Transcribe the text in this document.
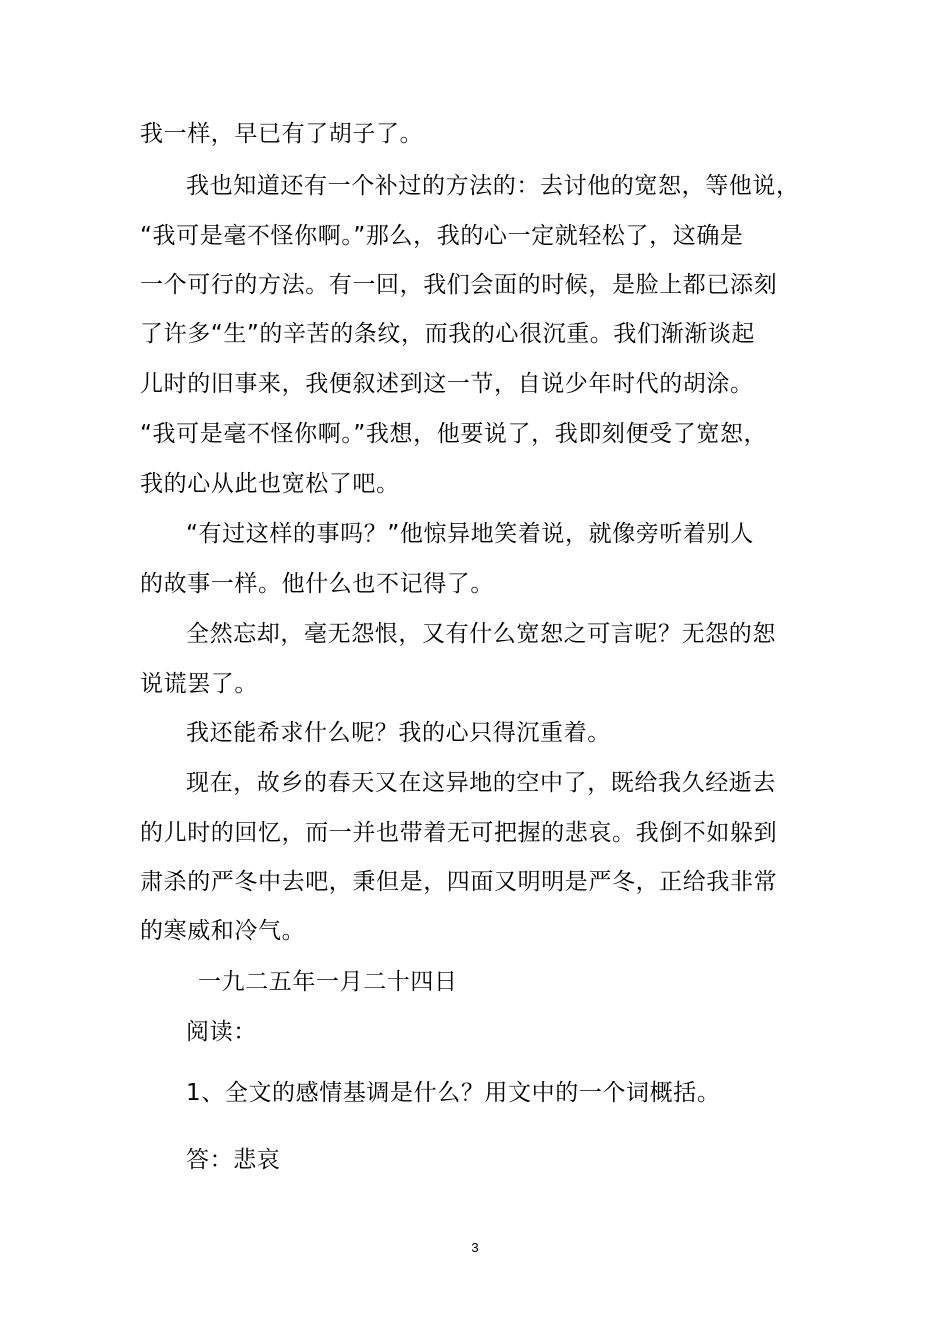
我一样，早已有了胡子了。
我也知道还有一个补过的方法的：去讨他的宽恕，等他说，
“我可是毫不怪你啊。”那么，我的心一定就轻松了，这确是
一个可行的方法。有一回，我们会面的时候，是脸上都已添刻
了许多“生”的辛苦的条纹，而我的心很沉重。我们渐渐谈起
儿时的旧事来，我便叙述到这一节，自说少年时代的胡涂。
“我可是毫不怪你啊。”我想，他要说了，我即刻便受了宽恕，
我的心从此也宽松了吧。
“有过这样的事吗？”他惊异地笑着说，就像旁听着别人
的故事一样。他什么也不记得了。
全然忘却，毫无怨恨，又有什么宽恕之可言呢？无怨的恕
说谎罢了。
我还能希求什么呢？我的心只得沉重着。
现在，故乡的春天又在这异地的空中了，既给我久经逝去
的儿时的回忆，而一并也带着无可把握的悲哀。我倒不如躲到
肃杀的严冬中去吧，秉但是，四面又明明是严冬，正给我非常
的寒威和冷气。
一九二五年一月二十四日
阅读：
1、全文的感情基调是什么？用文中的一个词概括。
答：悲哀
3
